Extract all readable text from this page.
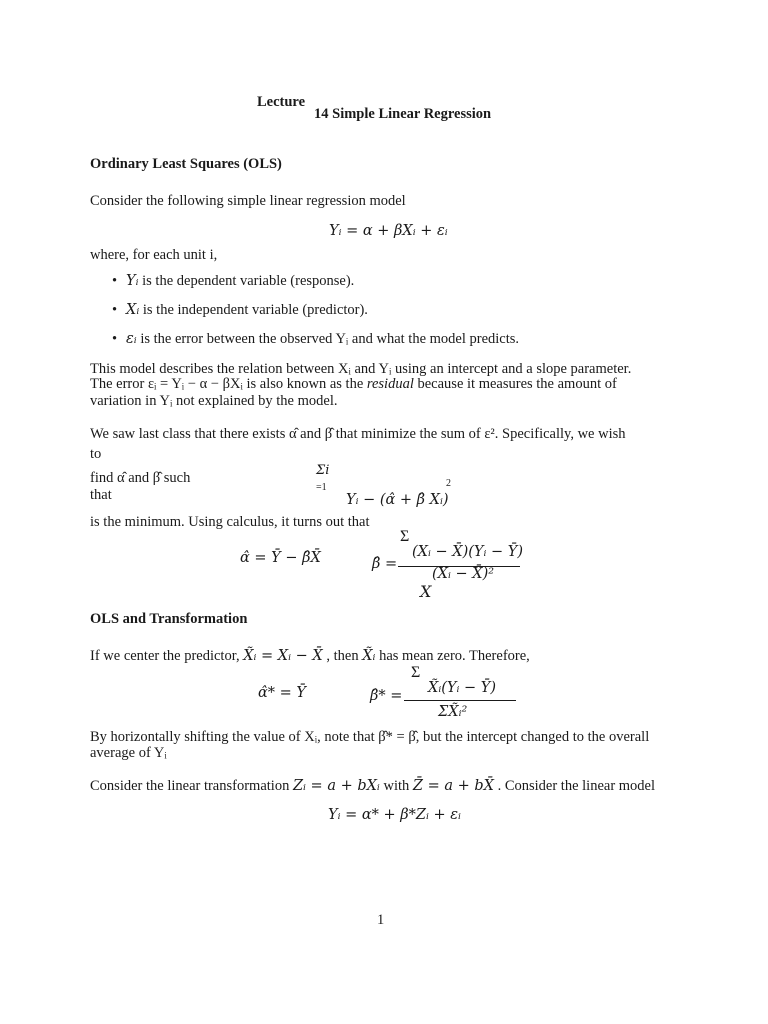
Lecture
14 Simple Linear Regression
Ordinary Least Squares (OLS)
Consider the following simple linear regression model
Yᵢ = α + βXᵢ + εᵢ
where, for each unit i,
• Yᵢ is the dependent variable (response).
• Xᵢ is the independent variable (predictor).
• εᵢ is the error between the observed Yᵢ and what the model predicts.
This model describes the relation between Xᵢ and Yᵢ using an intercept and a slope parameter.
The error εᵢ = Yᵢ − α − βXᵢ is also known as the residual because it measures the amount of
variation in Yᵢ not explained by the model.
We saw last class that there exists α̂ and β̂ that minimize the sum of ε². Specifically, we wish
to
find α̂ and β̂ such
that
Σi
=1	2
Yᵢ − (α̂ + β̂ Xᵢ)
is the minimum. Using calculus, it turns out that
α̂ = Ȳ − β̂X̄	β̂ =
Σ
(Xᵢ − X̄)(Yᵢ − Ȳ)
(Xᵢ − X̄)²
X
OLS and Transformation
If we center the predictor, X̃ᵢ = Xᵢ − X̄ , then X̃ᵢ has mean zero. Therefore,
α̂* = Ȳ	β̂* =
Σ
X̃ᵢ(Yᵢ − Ȳ)
ΣX̃ᵢ²
By horizontally shifting the value of Xᵢ, note that β̂* = β̂, but the intercept changed to the overall
average of Yᵢ
Consider the linear transformation Zᵢ = a + bXᵢ with Z̄ = a + bX̄ . Consider the linear model
Yᵢ = α* + β*Zᵢ + εᵢ
1
